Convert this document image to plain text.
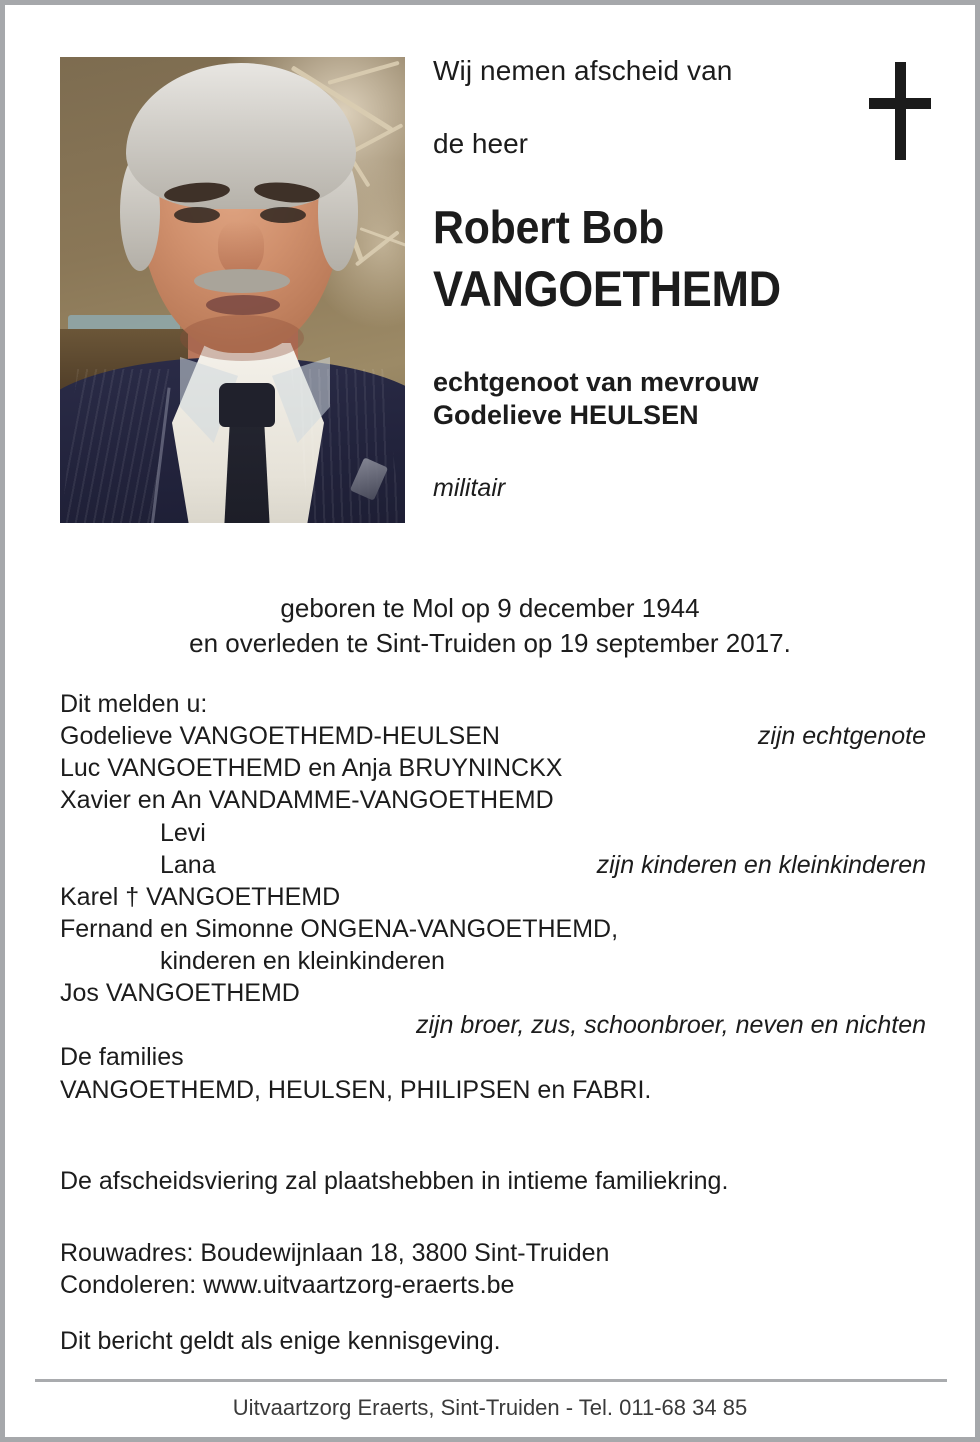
Wij nemen afscheid van
de heer
Robert Bob
VANGOETHEMD
echtgenoot van mevrouw
Godelieve HEULSEN
militair
geboren te Mol op 9 december 1944
en overleden te Sint-Truiden op 19 september 2017.
Dit melden u:
Godelieve VANGOETHEMD-HEULSEN	zijn echtgenote
Luc VANGOETHEMD en Anja BRUYNINCKX
Xavier en An VANDAMME-VANGOETHEMD
Levi
Lana	zijn kinderen en kleinkinderen
Karel † VANGOETHEMD
Fernand en Simonne ONGENA-VANGOETHEMD,
kinderen en kleinkinderen
Jos VANGOETHEMD
zijn broer, zus, schoonbroer, neven en nichten
De families
VANGOETHEMD, HEULSEN, PHILIPSEN en FABRI.
De afscheidsviering zal plaatshebben in intieme familiekring.
Rouwadres: Boudewijnlaan 18, 3800 Sint-Truiden
Condoleren: www.uitvaartzorg-eraerts.be
Dit bericht geldt als enige kennisgeving.
Uitvaartzorg Eraerts, Sint-Truiden - Tel. 011-68 34 85
